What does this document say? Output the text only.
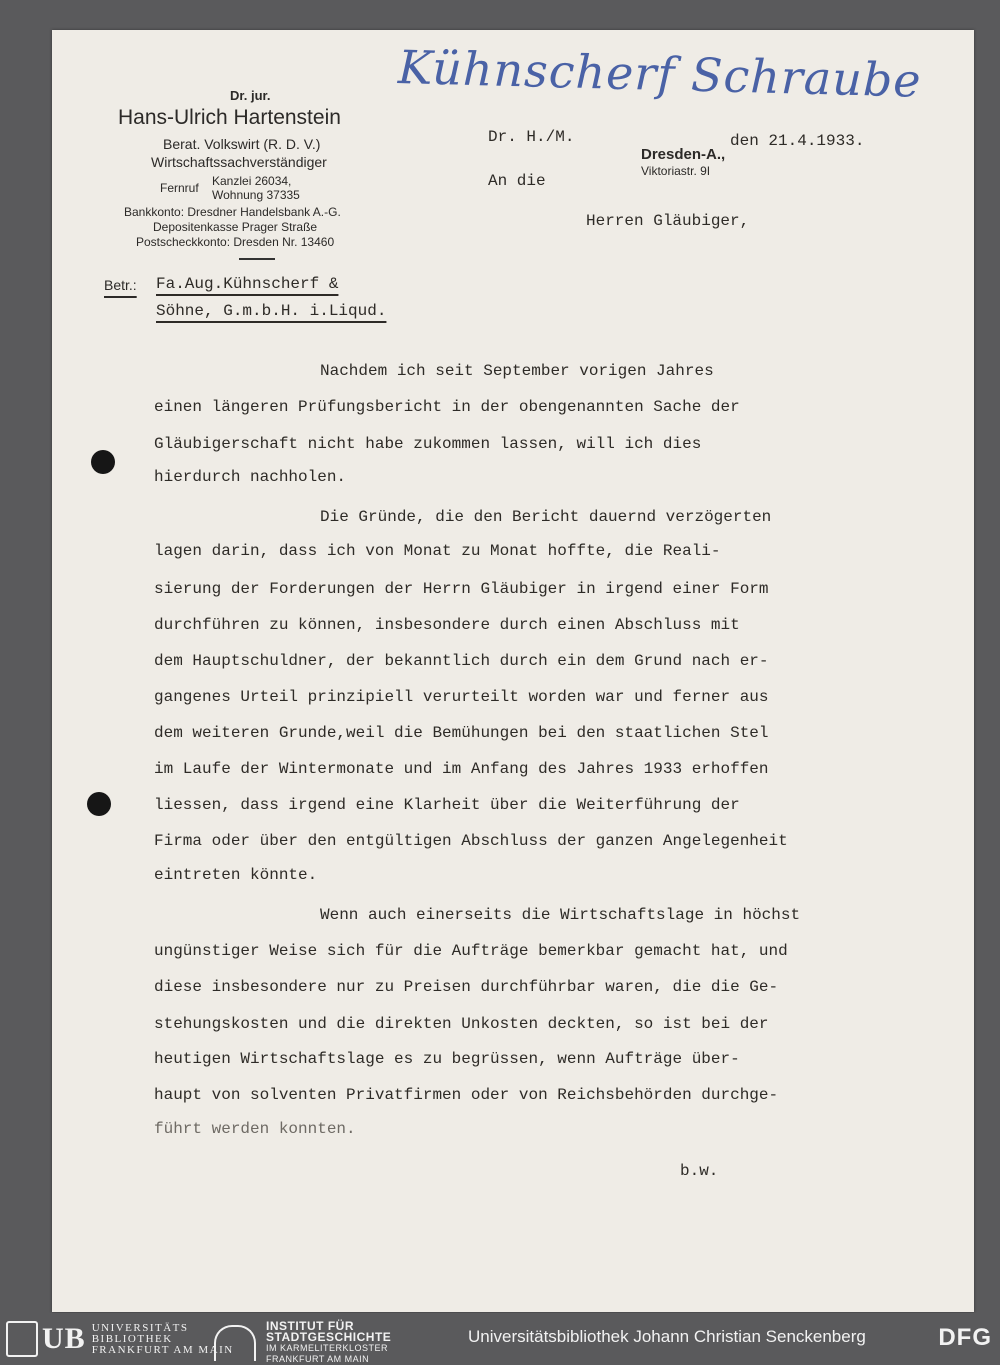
Kühnscherf Schraube

Dr. jur.

Hans-Ulrich Hartenstein

Berat. Volkswirt (R. D. V.)

Wirtschaftssachverständiger

Fernruf Kanzlei 26034,

Wohnung 37335

Bankkonto: Dresdner Handelsbank A.-G.

Depositenkasse Prager Straße

Postscheckkonto: Dresden Nr. 13460

Dr. H./M.	den 21.4.1933.

Dresden-A.,

Viktoriastr. 9I

An die

Herren Gläubiger,

Betr.: Fa.Aug.Kühnscherf &

Söhne, G.m.b.H. i.Liqud.

Nachdem ich seit September vorigen Jahres

einen längeren Prüfungsbericht in der obengenannten Sache der

Gläubigerschaft nicht habe zukommen lassen, will ich dies

hierdurch nachholen.

Die Gründe, die den Bericht dauernd verzögerten

lagen darin, dass ich von Monat zu Monat hoffte, die Reali-

sierung der Forderungen der Herrn Gläubiger in irgend einer Form

durchführen zu können, insbesondere durch einen Abschluss mit

dem Hauptschuldner, der bekanntlich durch ein dem Grund nach er-

gangenes Urteil prinzipiell verurteilt worden war und ferner aus

dem weiteren Grunde,weil die Bemühungen bei den staatlichen Stel

im Laufe der Wintermonate und im Anfang des Jahres 1933 erhoffen

liessen, dass irgend eine Klarheit über die Weiterführung der

Firma oder über den entgültigen Abschluss der ganzen Angelegenheit

eintreten könnte.

Wenn auch einerseits die Wirtschaftslage in höchst

ungünstiger Weise sich für die Aufträge bemerkbar gemacht hat, und

diese insbesondere nur zu Preisen durchführbar waren, die die Ge-

stehungskosten und die direkten Unkosten deckten, so ist bei der

heutigen Wirtschaftslage es zu begrüssen, wenn Aufträge über-

haupt von solventen Privatfirmen oder von Reichsbehörden durchge-

führt werden konnten.

b.w.

UB UNIVERSITÄTS
BIBLIOTHEK
FRANKFURT AM MAIN
INSTITUT FÜR
STADTGESCHICHTE
IM KARMELITERKLOSTER
FRANKFURT AM MAIN
Universitätsbibliothek Johann Christian Senckenberg	DFG
